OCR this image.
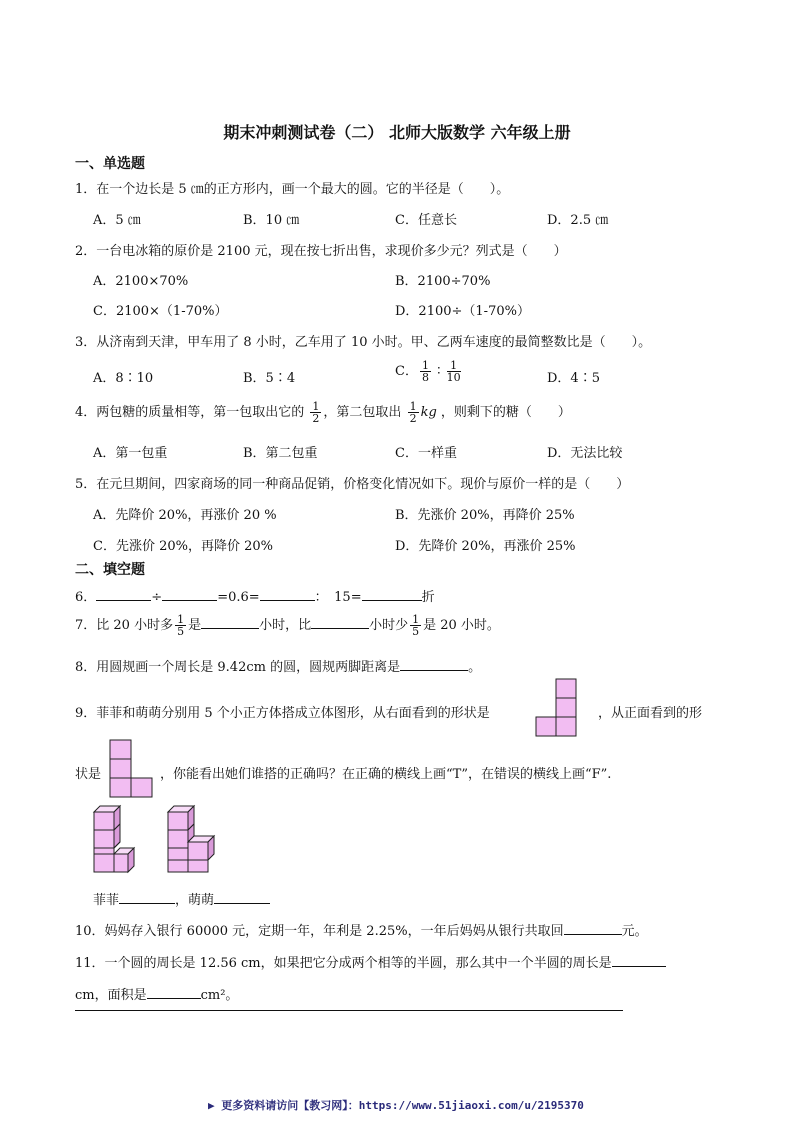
期末冲刺测试卷（二） 北师大版数学 六年级上册
一、单选题
1．在一个边长是 5 ㎝的正方形内，画一个最大的圆。它的半径是（　　）。
A．5 ㎝	B．10 ㎝	C．任意长	D．2.5 ㎝
2．一台电冰箱的原价是 2100 元，现在按七折出售，求现价多少元？列式是（　　）
A．2100×70%	B．2100÷70%
C．2100×（1-70%）	D．2100÷（1-70%）
3．从济南到天津，甲车用了 8 小时，乙车用了 10 小时。甲、乙两车速度的最简整数比是（　　）。
A．8∶10	B．5∶4	C． $\frac{1}{8}$ ∶ $\frac{1}{10}$	D．4∶5
4．两包糖的质量相等，第一包取出它的 $\frac{1}{2}$ ，第二包取出 $\frac{1}{2}$ kg ，则剩下的糖（　　）
A．第一包重	B．第二包重	C．一样重	D．无法比较
5．在元旦期间，四家商场的同一种商品促销，价格变化情况如下。现价与原价一样的是（　　）
A．先降价 20%，再涨价 20 %	B．先涨价 20%，再降价 25%
C．先涨价 20%，再降价 20%	D．先降价 20%，再涨价 25%
二、填空题
6．	÷	=0.6=	：　15=	折
7．比 20 小时多 $\frac{1}{5}$ 是	小时，比	小时少 $\frac{1}{5}$ 是 20 小时。
8．用圆规画一个周长是 9.42cm 的圆，圆规两脚距离是	。
9．菲菲和萌萌分别用 5 个小正方体搭成立体图形，从右面看到的形状是	，从正面看到的形
状是	，你能看出她们谁搭的正确吗？在正确的横线上画“T”，在错误的横线上画“F”.
菲菲	，萌萌
10．妈妈存入银行 60000 元，定期一年，年利是 2.25%，一年后妈妈从银行共取回	元。
11．一个圆的周长是 12.56 cm，如果把它分成两个相等的半圆，那么其中一个半圆的周长是
cm，面积是	cm²。
▶ 更多资料请访问【教习网】：https://www.51jiaoxi.com/u/2195370
